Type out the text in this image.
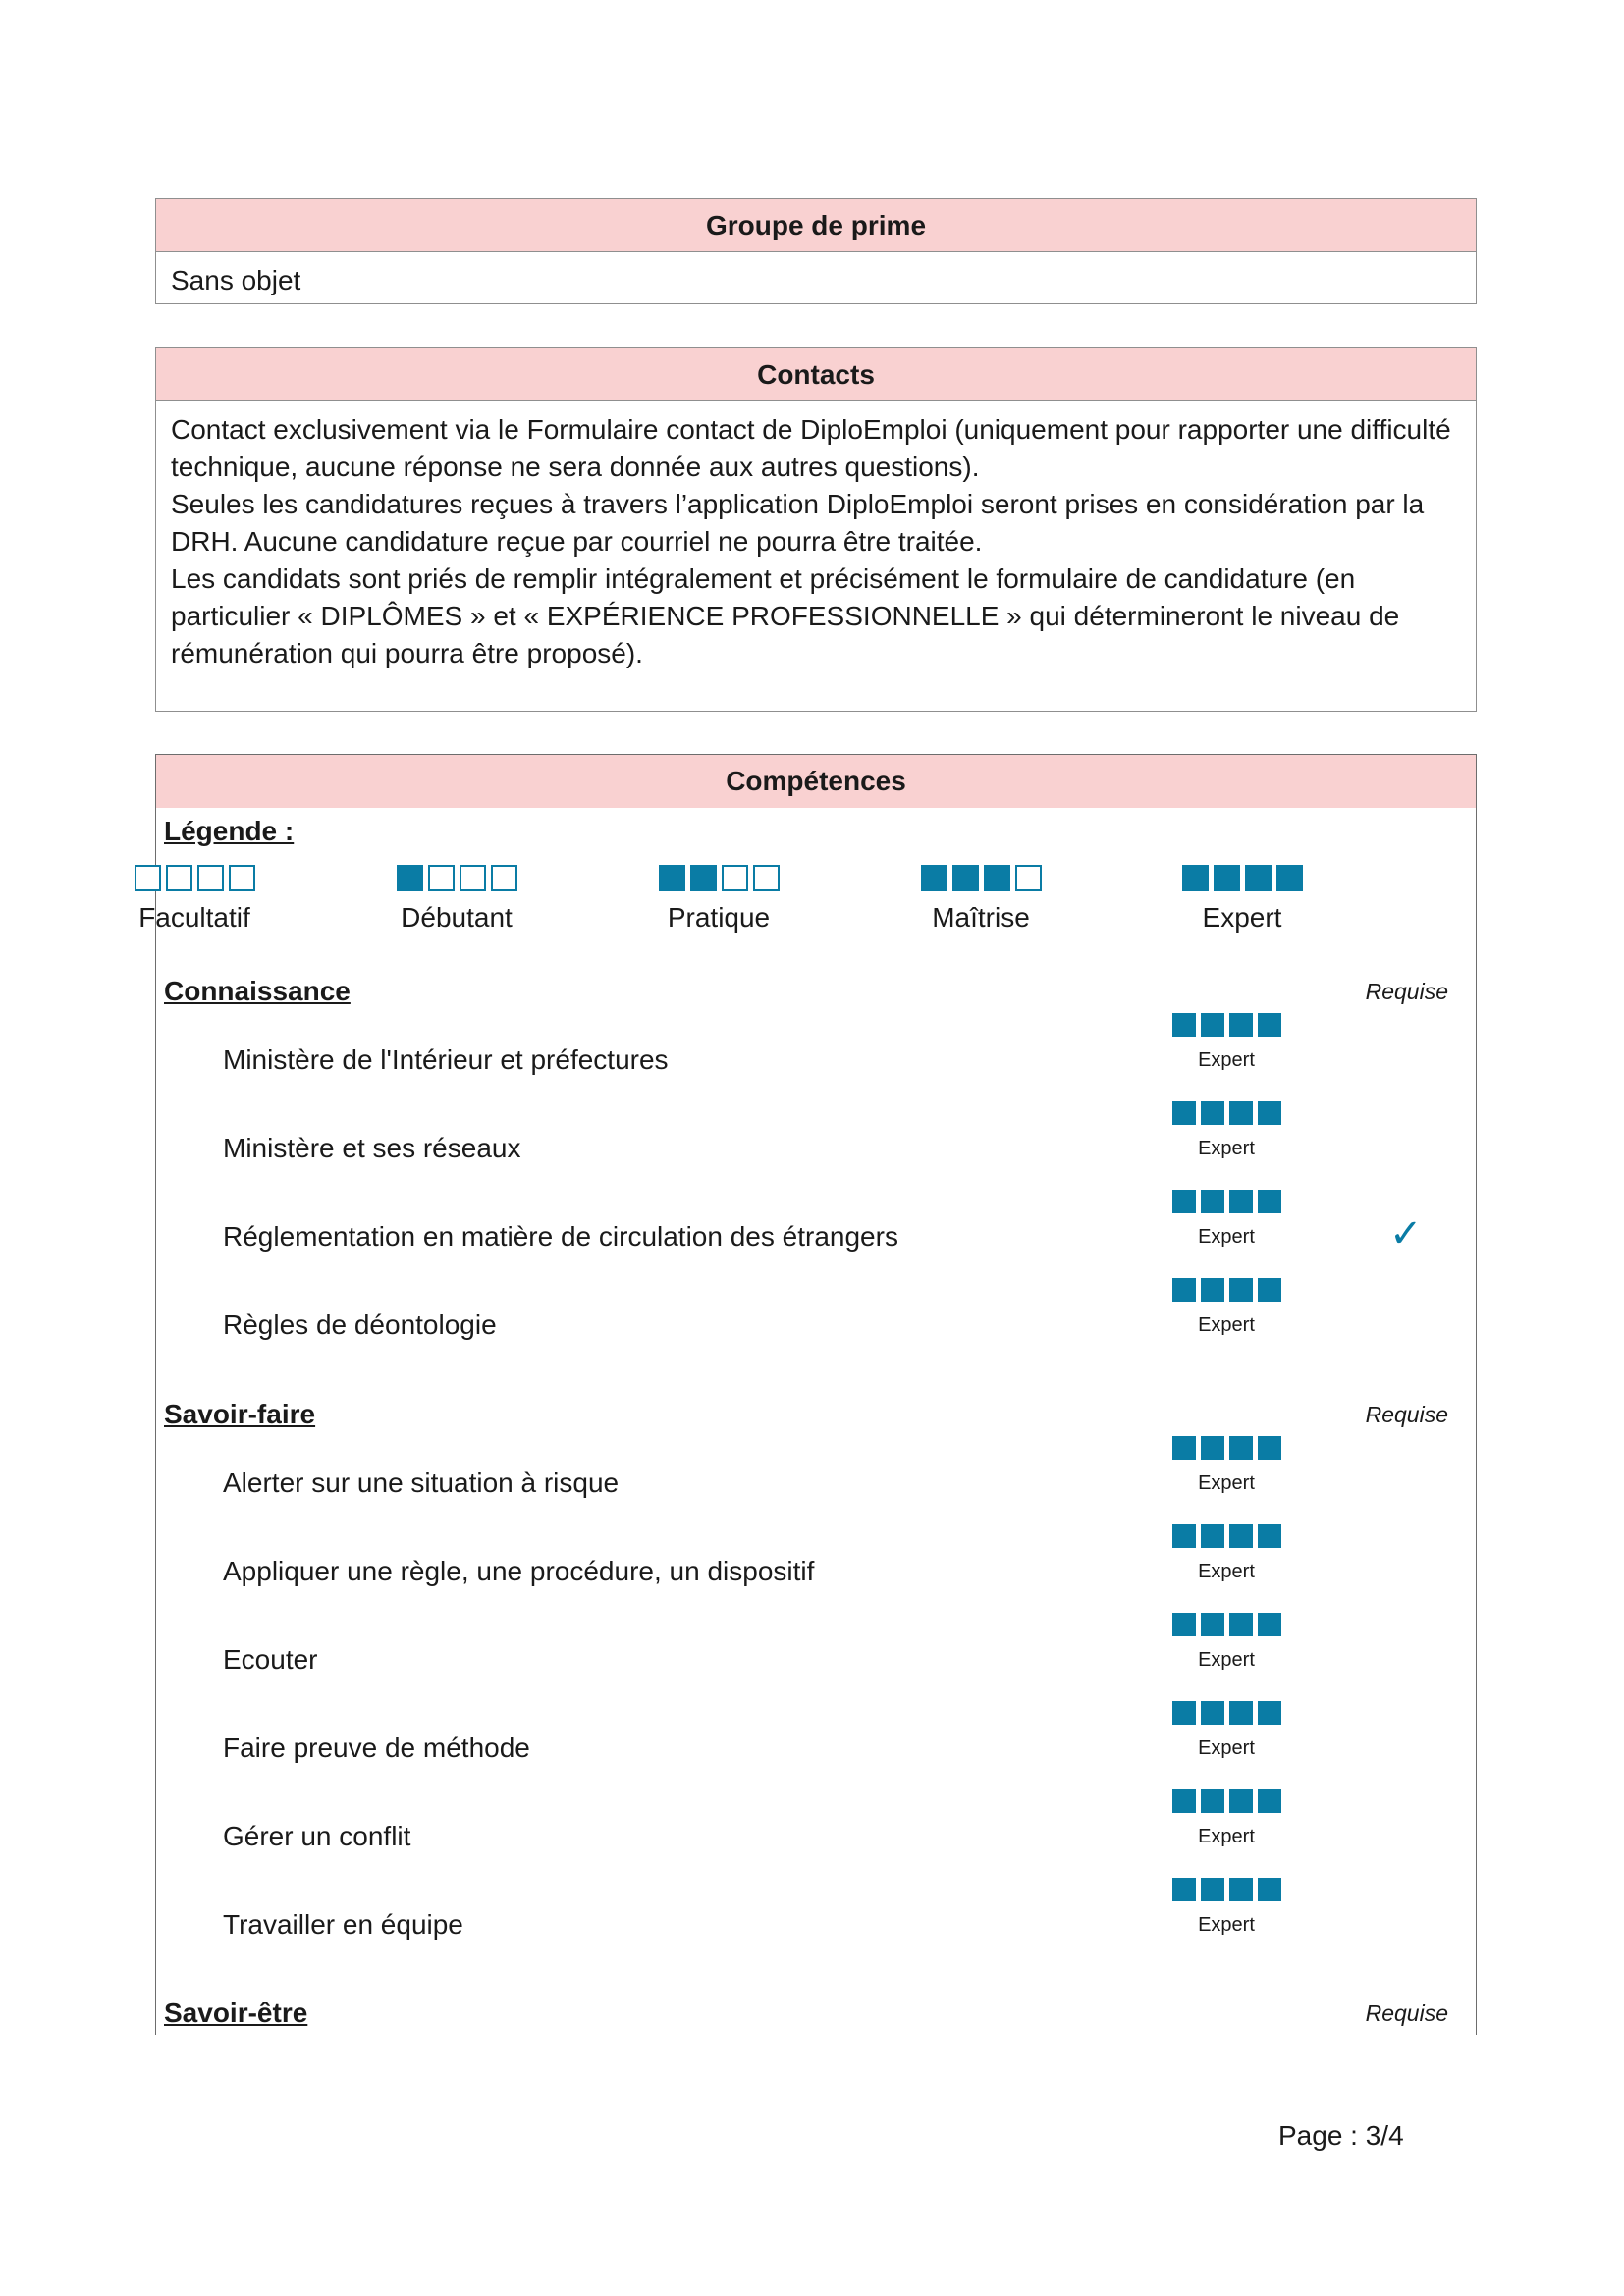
Groupe de prime
Sans objet
Contacts

Contact exclusivement via le Formulaire contact de DiploEmploi (uniquement pour rapporter une difficulté technique, aucune réponse ne sera donnée aux autres questions).

Seules les candidatures reçues à travers l’application DiploEmploi seront prises en considération par la DRH. Aucune candidature reçue par courriel ne pourra être traitée.

Les candidats sont priés de remplir intégralement et précisément le formulaire de candidature (en particulier « DIPLÔMES » et « EXPÉRIENCE PROFESSIONNELLE » qui détermineront le niveau de rémunération qui pourra être proposé).

Compétences
Légende :
Facultatif	Débutant	Pratique	Maîtrise	Expert
Connaissance	Requise
Ministère de l'Intérieur et préfectures	Expert
Ministère et ses réseaux	Expert
Réglementation en matière de circulation des étrangers	Expert	✓
Règles de déontologie	Expert
Savoir-faire	Requise
Alerter sur une situation à risque	Expert
Appliquer une règle, une procédure, un dispositif	Expert
Ecouter	Expert
Faire preuve de méthode	Expert
Gérer un conflit	Expert
Travailler en équipe	Expert
Savoir-être	Requise
Page : 3/4
